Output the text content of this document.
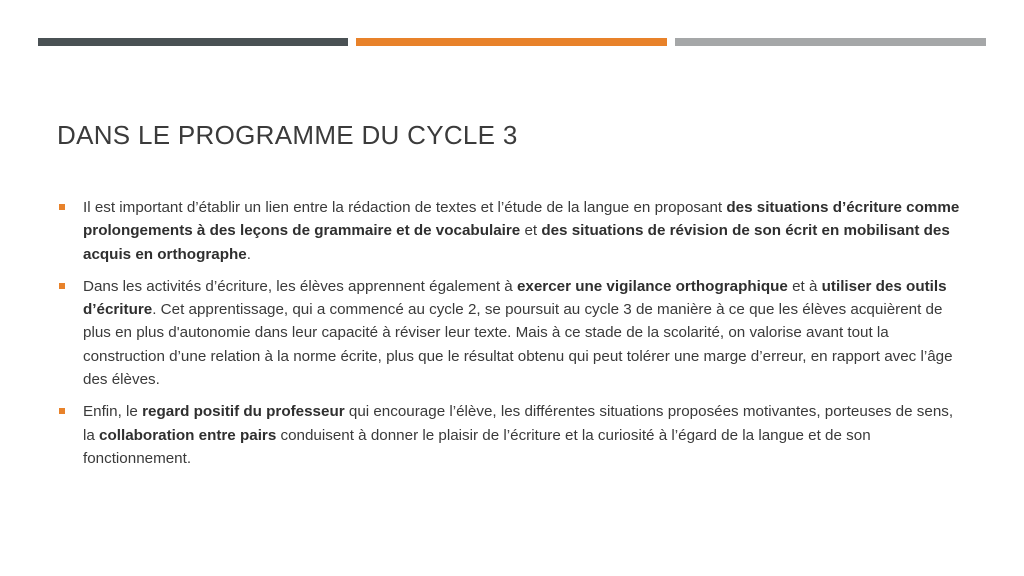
DANS LE PROGRAMME DU CYCLE 3
Il est important d’établir un lien entre la rédaction de textes et l’étude de la langue en proposant des situations d’écriture comme prolongements à des leçons de grammaire et de vocabulaire et des situations de révision de son écrit en mobilisant des acquis en orthographe.
Dans les activités d’écriture, les élèves apprennent également à exercer une vigilance orthographique et à utiliser des outils d’écriture. Cet apprentissage, qui a commencé au cycle 2, se poursuit au cycle 3 de manière à ce que les élèves acquièrent de plus en plus d'autonomie dans leur capacité à réviser leur texte. Mais à ce stade de la scolarité, on valorise avant tout la construction d’une relation à la norme écrite, plus que le résultat obtenu qui peut tolérer une marge d’erreur, en rapport avec l’âge des élèves.
Enfin, le regard positif du professeur qui encourage l’élève, les différentes situations proposées motivantes, porteuses de sens, la collaboration entre pairs conduisent à donner le plaisir de l’écriture et la curiosité à l’égard de la langue et de son fonctionnement.
